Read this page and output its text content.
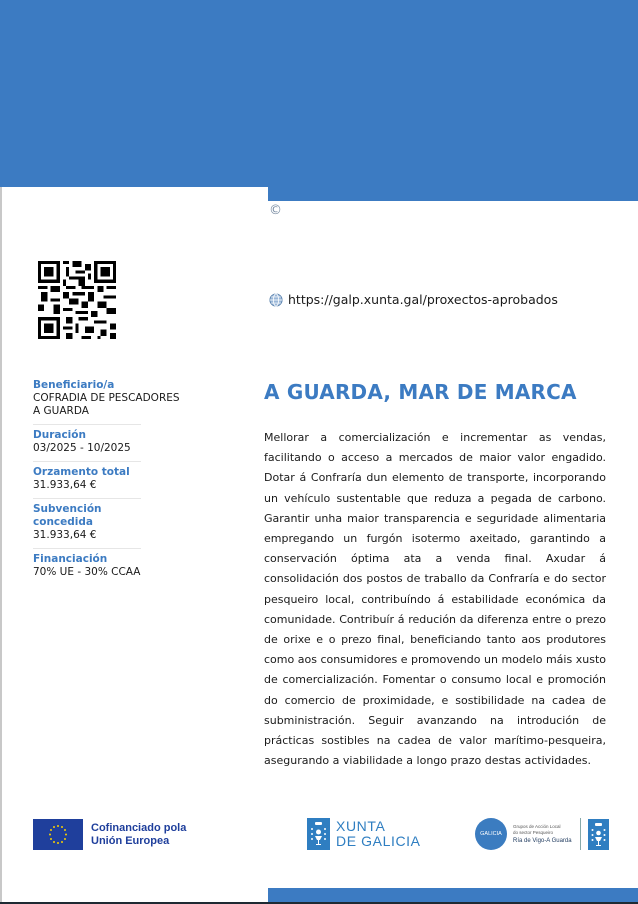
©
https://galp.xunta.gal/proxectos-aprobados
Beneficiario/a
COFRADIA DE PESCADORES
A GUARDA
Duración
03/2025 - 10/2025
Orzamento total
31.933,64 €
Subvención concedida
31.933,64 €
Financiación
70% UE - 30% CCAA
A GUARDA, MAR DE MARCA
Mellorar a comercialización e incrementar as vendas, facilitando o acceso a mercados de maior valor engadido. Dotar á Confraría dun elemento de transporte, incorporando un vehículo sustentable que reduza a pegada de carbono. Garantir unha maior transparencia e seguridade alimentaria empregando un furgón isotermo axeitado, garantindo a conservación óptima ata a venda final. Axudar á consolidación dos postos de traballo da Confraría e do sector pesqueiro local, contribuíndo á estabilidade económica da comunidade. Contribuír á redución da diferenza entre o prezo de orixe e o prezo final, beneficiando tanto aos produtores como aos consumidores e promovendo un modelo máis xusto de comercialización. Fomentar o consumo local e promoción do comercio de proximidade, e sostibilidade na cadea de subministración. Seguir avanzando na introdución de prácticas sostibles na cadea de valor marítimo-pesqueira, asegurando a viabilidade a longo prazo destas actividades.
Cofinanciado pola
Unión Europea
XUNTA
DE GALICIA	GALICIA
Grupos de Acción Local
do sector Pesqueiro
Ría de Vigo-A Guarda
